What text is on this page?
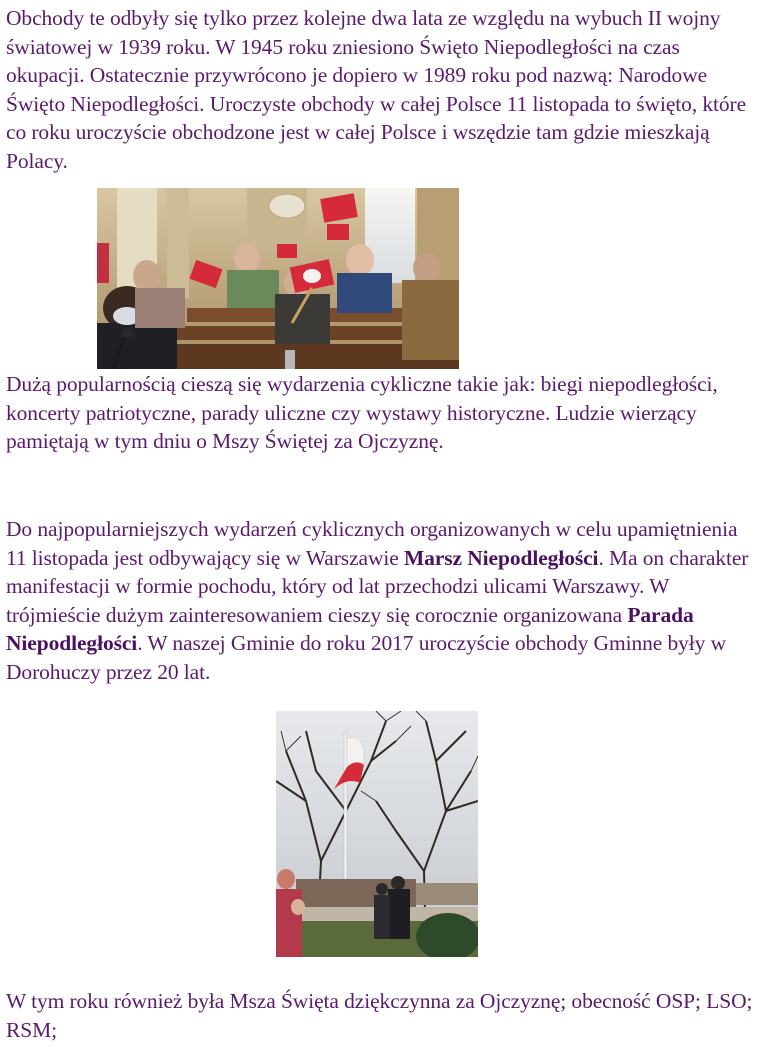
Obchody te odbyły się tylko przez kolejne dwa lata ze względu na wybuch II wojny światowej w 1939 roku. W 1945 roku zniesiono Święto Niepodległości na czas okupacji. Ostatecznie przywrócono je dopiero w 1989 roku pod nazwą: Narodowe Święto Niepodległości. Uroczyste obchody w całej Polsce 11 listopada to święto, które co roku uroczyście obchodzone jest w całej Polsce i wszędzie tam gdzie mieszkają Polacy.

Dużą popularnością cieszą się wydarzenia cykliczne takie jak: biegi niepodległości, koncerty patriotyczne, parady uliczne czy wystawy historyczne. Ludzie wierzący pamiętają w tym dniu o Mszy Świętej za Ojczyznę.

Do najpopularniejszych wydarzeń cyklicznych organizowanych w celu upamiętnienia 11 listopada jest odbywający się w Warszawie Marsz Niepodległości. Ma on charakter manifestacji w formie pochodu, który od lat przechodzi ulicami Warszawy. W trójmieście dużym zainteresowaniem cieszy się corocznie organizowana Parada Niepodległości. W naszej Gminie do roku 2017 uroczyście obchody Gminne były w Dorohuczy przez 20 lat.

W tym roku również była Msza Święta dziękczynna za Ojczyznę; obecność OSP; LSO; RSM;
